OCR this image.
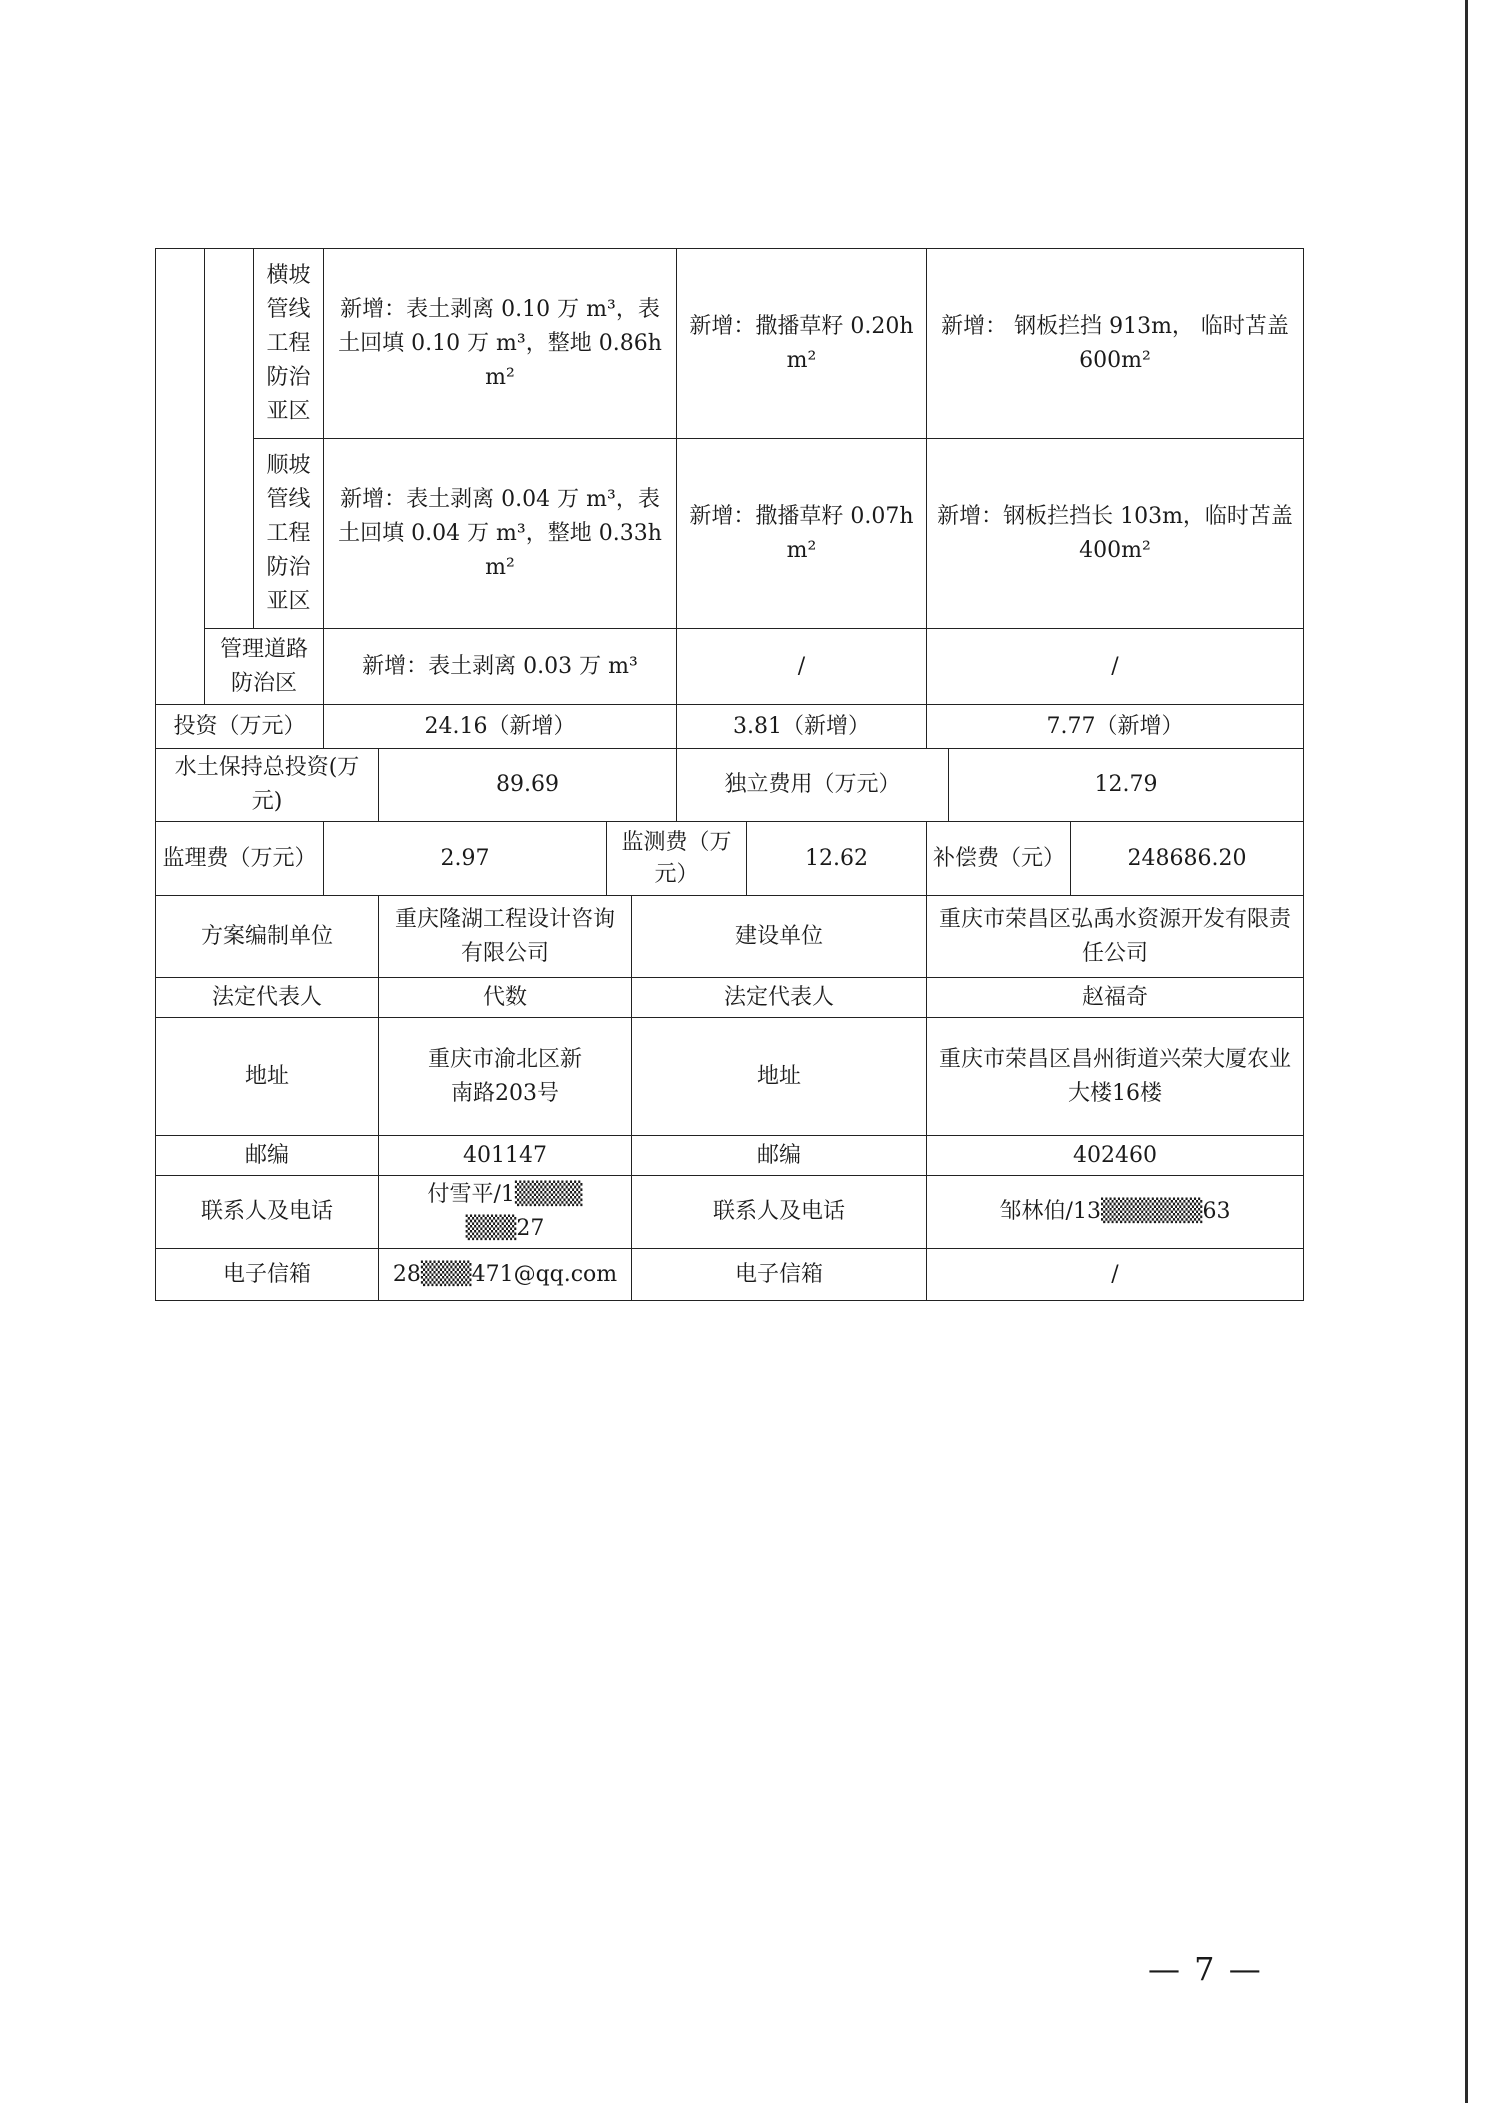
		横坡管线工程防治亚区	新增：表土剥离 0.10 万 m³，表土回填 0.10 万 m³，整地 0.86hm²				新增：撒播草籽 0.20hm²		新增： 钢板拦挡 913m， 临时苫盖 600m²		
		顺坡管线工程防治亚区	新增：表土剥离 0.04 万 m³，表土回填 0.04 万 m³，整地 0.33hm²				新增：撒播草籽 0.07hm²		新增：钢板拦挡长 103m，临时苫盖 400m²		
	管理道路防治区		新增：表土剥离 0.03 万 m³				/		/		
投资（万元）			24.16（新增）				3.81（新增）		7.77（新增）		
水土保持总投资(万元)				89.69			独立费用（万元）			12.79	
监理费（万元）			2.97		监测费（万元）			12.62	补偿费（元）		248686.20
方案编制单位				重庆隆湖工程设计咨询有限公司		建设单位			重庆市荣昌区弘禹水资源开发有限责任公司		
法定代表人				代数		法定代表人			赵福奇		
地址				重庆市渝北区新南路203号		地址			重庆市荣昌区昌州街道兴荣大厦农业大楼16楼		
邮编				401147		邮编			402460		
联系人及电话				付雪平/1▒▒▒▒▒▒▒27		联系人及电话			邹林伯/13▒▒▒▒▒▒63		
电子信箱				28▒▒▒471@qq.com		电子信箱			/		
— 7 —
